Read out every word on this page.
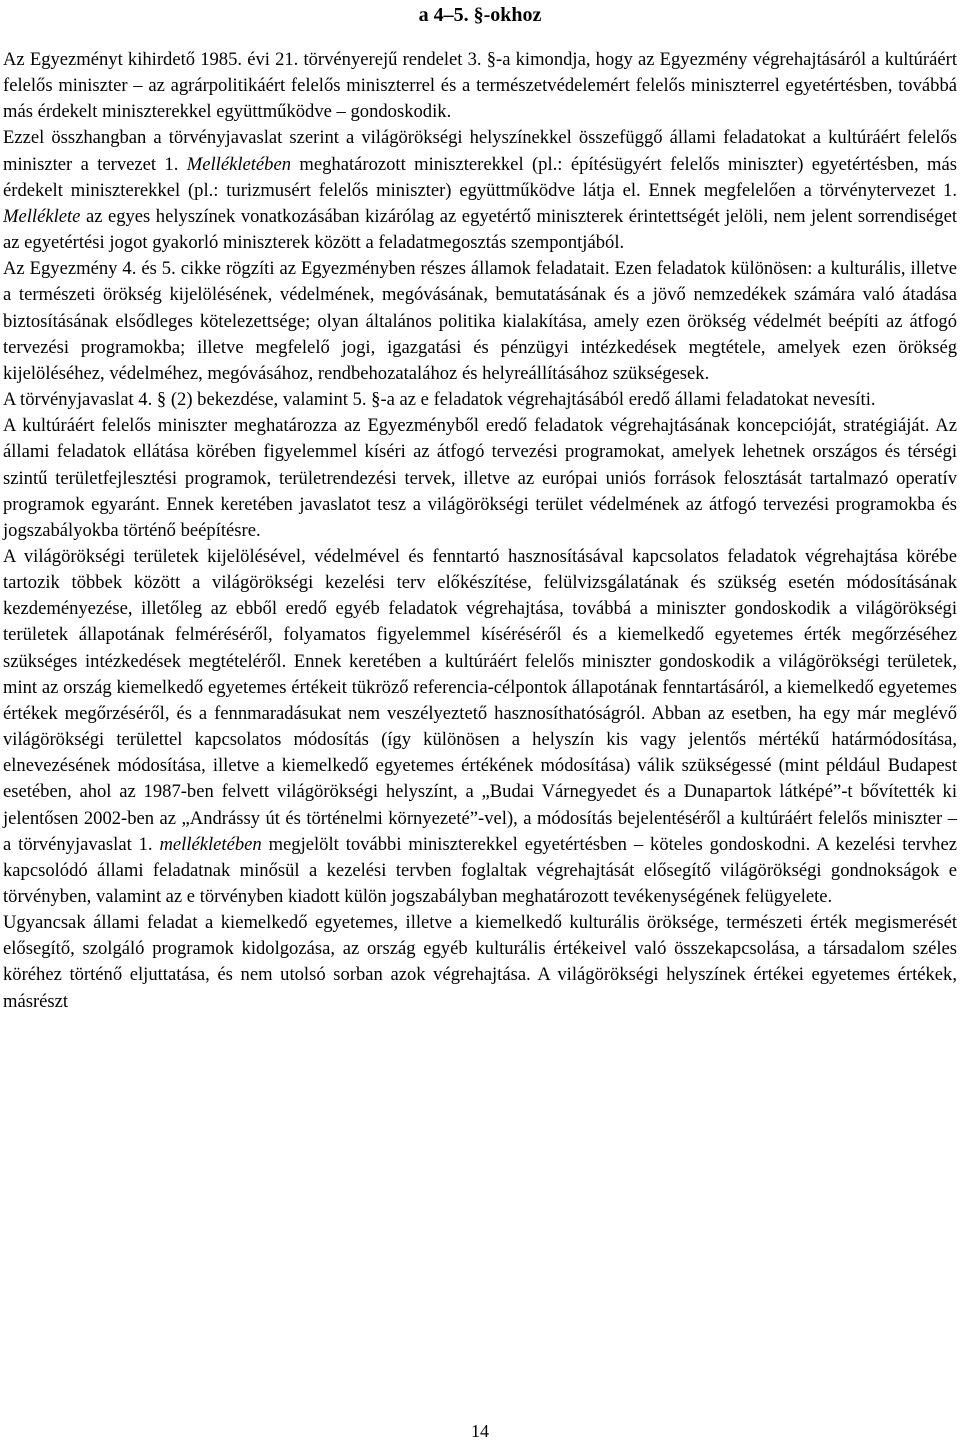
a 4–5. §-okhoz

Az Egyezményt kihirdető 1985. évi 21. törvényerejű rendelet 3. §-a kimondja, hogy az Egyezmény végrehajtásáról a kultúráért felelős miniszter – az agrárpolitikáért felelős miniszterrel és a természetvédelemért felelős miniszterrel egyetértésben, továbbá más érdekelt miniszterekkel együttműködve – gondoskodik.

Ezzel összhangban a törvényjavaslat szerint a világörökségi helyszínekkel összefüggő állami feladatokat a kultúráért felelős miniszter a tervezet 1. Mellékletében meghatározott miniszterekkel (pl.: építésügyért felelős miniszter) egyetértésben, más érdekelt miniszterekkel (pl.: turizmusért felelős miniszter) együttműködve látja el. Ennek megfelelően a törvénytervezet 1. Melléklete az egyes helyszínek vonatkozásában kizárólag az egyetértő miniszterek érintettségét jelöli, nem jelent sorrendiséget az egyetértési jogot gyakorló miniszterek között a feladatmegosztás szempontjából.

Az Egyezmény 4. és 5. cikke rögzíti az Egyezményben részes államok feladatait. Ezen feladatok különösen: a kulturális, illetve a természeti örökség kijelölésének, védelmének, megóvásának, bemutatásának és a jövő nemzedékek számára való átadása biztosításának elsődleges kötelezettsége; olyan általános politika kialakítása, amely ezen örökség védelmét beépíti az átfogó tervezési programokba; illetve megfelelő jogi, igazgatási és pénzügyi intézkedések megtétele, amelyek ezen örökség kijelöléséhez, védelméhez, megóvásához, rendbehozatalához és helyreállításához szükségesek.

A törvényjavaslat 4. § (2) bekezdése, valamint 5. §-a az e feladatok végrehajtásából eredő állami feladatokat nevesíti.

A kultúráért felelős miniszter meghatározza az Egyezményből eredő feladatok végrehajtásának koncepcióját, stratégiáját. Az állami feladatok ellátása körében figyelemmel kíséri az átfogó tervezési programokat, amelyek lehetnek országos és térségi szintű területfejlesztési programok, területrendezési tervek, illetve az európai uniós források felosztását tartalmazó operatív programok egyaránt. Ennek keretében javaslatot tesz a világörökségi terület védelmének az átfogó tervezési programokba és jogszabályokba történő beépítésre.

A világörökségi területek kijelölésével, védelmével és fenntartó hasznosításával kapcsolatos feladatok végrehajtása körébe tartozik többek között a világörökségi kezelési terv előkészítése, felülvizsgálatának és szükség esetén módosításának kezdeményezése, illetőleg az ebből eredő egyéb feladatok végrehajtása, továbbá a miniszter gondoskodik a világörökségi területek állapotának felméréséről, folyamatos figyelemmel kíséréséről és a kiemelkedő egyetemes érték megőrzéséhez szükséges intézkedések megtételéről. Ennek keretében a kultúráért felelős miniszter gondoskodik a világörökségi területek, mint az ország kiemelkedő egyetemes értékeit tükröző referencia-célpontok állapotának fenntartásáról, a kiemelkedő egyetemes értékek megőrzéséről, és a fennmaradásukat nem veszélyeztető hasznosíthatóságról. Abban az esetben, ha egy már meglévő világörökségi területtel kapcsolatos módosítás (így különösen a helyszín kis vagy jelentős mértékű határmódosítása, elnevezésének módosítása, illetve a kiemelkedő egyetemes értékének módosítása) válik szükségessé (mint például Budapest esetében, ahol az 1987-ben felvett világörökségi helyszínt, a „Budai Várnegyedet és a Dunapartok látképé”-t bővítették ki jelentősen 2002-ben az „Andrássy út és történelmi környezeté”-vel), a módosítás bejelentéséről a kultúráért felelős miniszter – a törvényjavaslat 1. mellékletében megjelölt további miniszterekkel egyetértésben – köteles gondoskodni. A kezelési tervhez kapcsolódó állami feladatnak minősül a kezelési tervben foglaltak végrehajtását elősegítő világörökségi gondnokságok e törvényben, valamint az e törvényben kiadott külön jogszabályban meghatározott tevékenységének felügyelete.

Ugyancsak állami feladat a kiemelkedő egyetemes, illetve a kiemelkedő kulturális öröksége, természeti érték megismerését elősegítő, szolgáló programok kidolgozása, az ország egyéb kulturális értékeivel való összekapcsolása, a társadalom széles köréhez történő eljuttatása, és nem utolsó sorban azok végrehajtása. A világörökségi helyszínek értékei egyetemes értékek, másrészt

14
